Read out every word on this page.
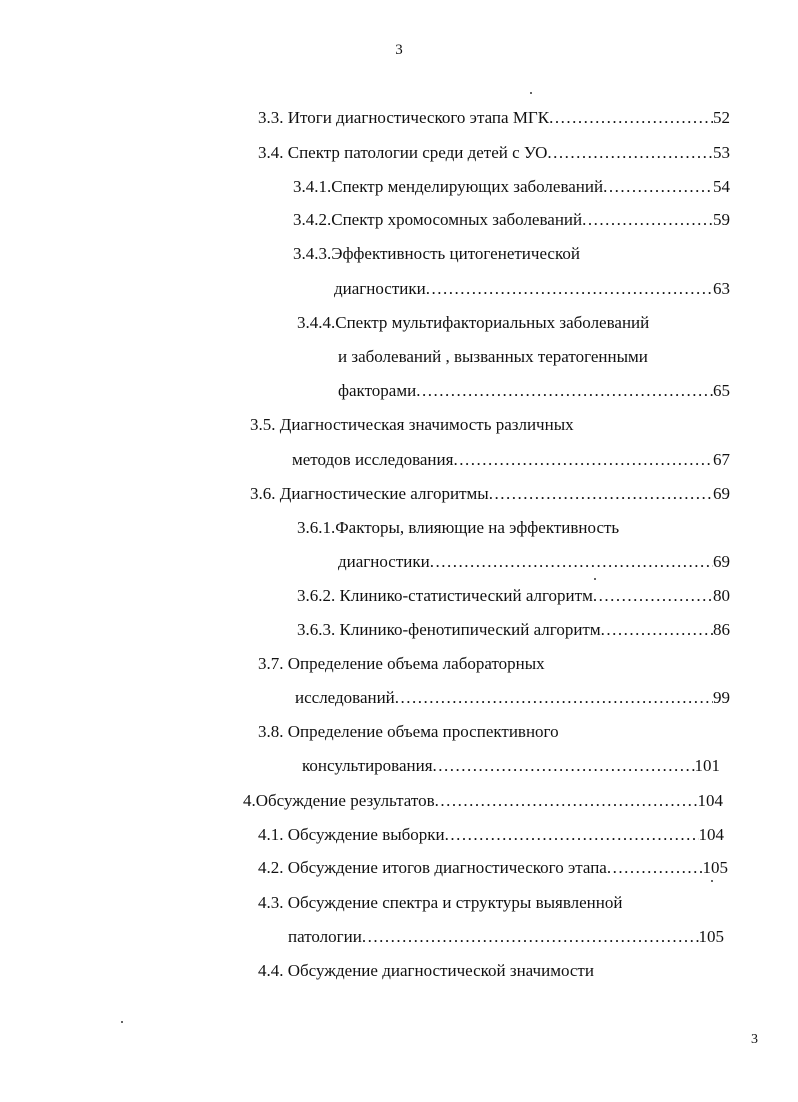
3
3.3. Итоги диагностического этапа МГК .....	52
3.4. Спектр патологии среди детей с УО .....	53
3.4.1.Спектр менделирующих заболеваний .....	54
3.4.2.Спектр хромосомных заболеваний .....	59
3.4.3.Эффективность цитогенетической
диагностики .....	63
3.4.4.Спектр мультифакториальных заболеваний
и заболеваний , вызванных тератогенными
факторами .....	65
3.5. Диагностическая значимость различных
методов исследования .....	67
3.6. Диагностические алгоритмы .....	69
3.6.1.Факторы, влияющие на эффективность
диагностики .....	69
3.6.2. Клинико-статистический алгоритм .....	80
3.6.3. Клинико-фенотипический алгоритм .....	86
3.7. Определение объема лабораторных
исследований .....	99
3.8. Определение объема проспективного
консультирования .....	101
4.Обсуждение результатов .....	104
4.1. Обсуждение выборки .....	104
4.2. Обсуждение итогов диагностического этапа .....	105
4.3. Обсуждение спектра и структуры выявленной
патологии .....	105
4.4. Обсуждение диагностической значимости
3
